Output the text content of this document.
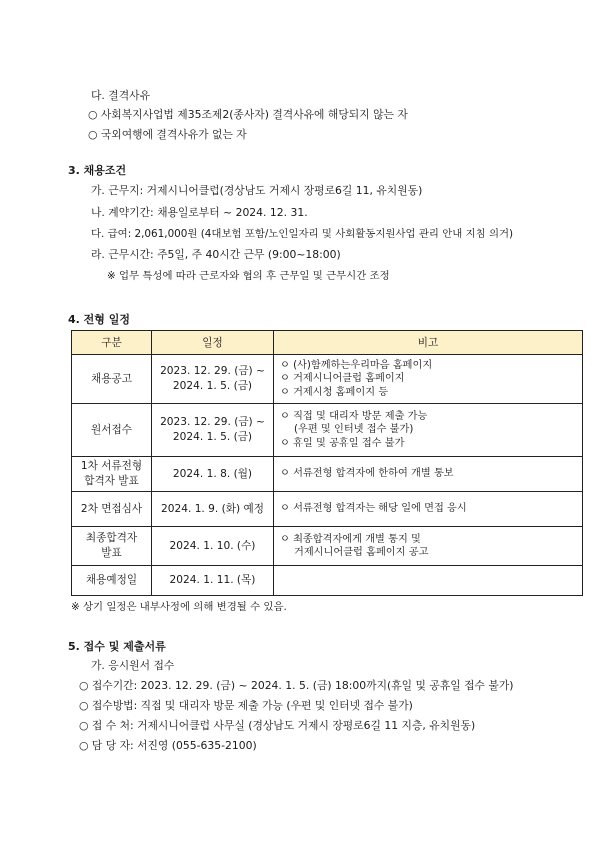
다. 결격사유
○ 사회복지사업법 제35조제2(종사자) 결격사유에 해당되지 않는 자
○ 국외여행에 결격사유가 없는 자
3. 채용조건
가. 근무지: 거제시니어클럽(경상남도 거제시 장평로6길 11, 유치원동)
나. 계약기간: 채용일로부터 ~ 2024. 12. 31.
다. 급여: 2,061,000원 (4대보험 포함/노인일자리 및 사회활동지원사업 관리 안내 지침 의거)
라. 근무시간: 주5일, 주 40시간 근무 (9:00~18:00)
※ 업무 특성에 따라 근로자와 협의 후 근무일 및 근무시간 조정
4. 전형 일정
구분	일정	비고

채용공고	2023. 12. 29. (금) ~
2024. 1. 5. (금)	ㅇ (사)함께하는우리마음 홈페이지
ㅇ 거제시니어클럽 홈페이지
ㅇ 거제시청 홈페이지 등

원서접수	2023. 12. 29. (금) ~
2024. 1. 5. (금)	ㅇ 직접 및 대리자 방문 제출 가능
(우편 및 인터넷 접수 불가)
ㅇ 휴일 및 공휴일 접수 불가

1차 서류전형
합격자 발표	2024. 1. 8. (월)	ㅇ 서류전형 합격자에 한하여 개별 통보

2차 면접심사	2024. 1. 9. (화) 예정	ㅇ 서류전형 합격자는 해당 일에 면접 응시

최종합격자
발표	2024. 1. 10. (수)	ㅇ 최종합격자에게 개별 통지 및
거제시니어클럽 홈페이지 공고

채용예정일	2024. 1. 11. (목)	
※ 상기 일정은 내부사정에 의해 변경될 수 있음.
5. 접수 및 제출서류
가. 응시원서 접수
○ 접수기간: 2023. 12. 29. (금) ~ 2024. 1. 5. (금) 18:00까지(휴일 및 공휴일 접수 불가)
○ 접수방법: 직접 및 대리자 방문 제출 가능 (우편 및 인터넷 접수 불가)
○ 접 수 처: 거제시니어클럽 사무실 (경상남도 거제시 장평로6길 11 지층, 유치원동)
○ 담 당 자: 서진영 (055-635-2100)
